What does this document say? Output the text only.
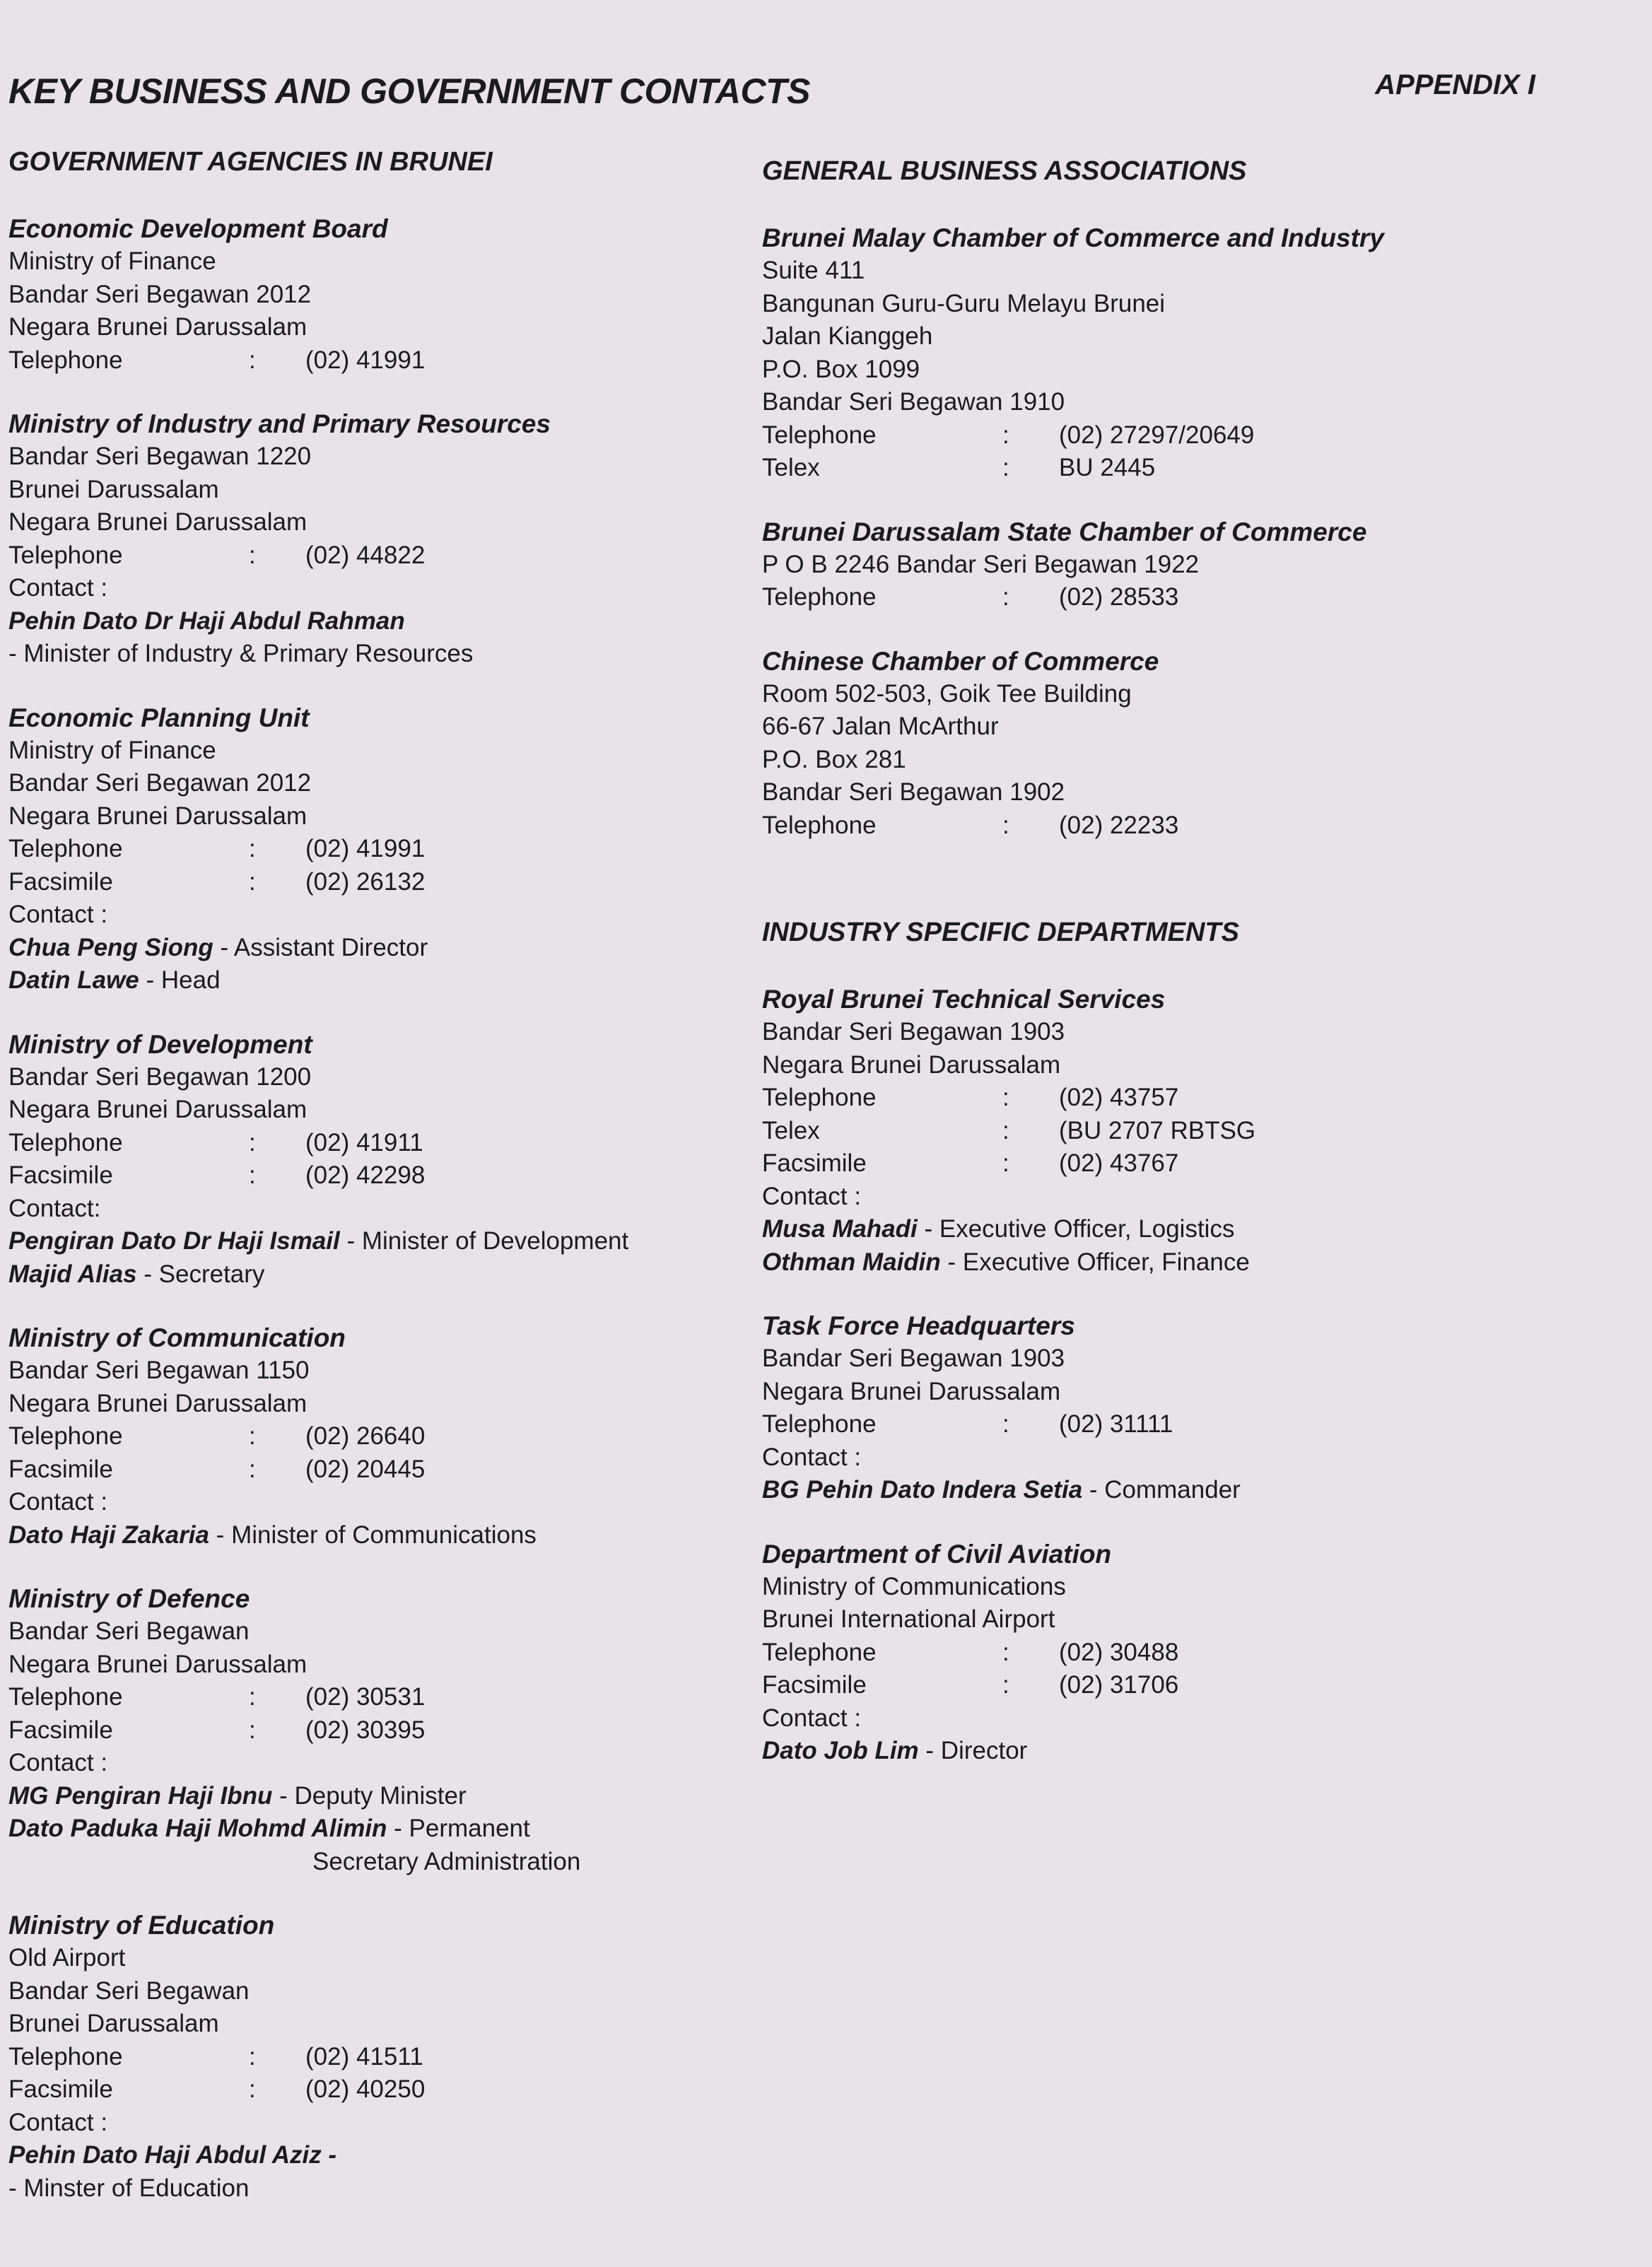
KEY BUSINESS AND GOVERNMENT CONTACTS	APPENDIX I
GOVERNMENT AGENCIES IN BRUNEI
Economic Development Board
Ministry of Finance
Bandar Seri Begawan 2012
Negara Brunei Darussalam
Telephone	:	(02) 41991
Ministry of Industry and Primary Resources
Bandar Seri Begawan 1220
Brunei Darussalam
Negara Brunei Darussalam
Telephone	:	(02) 44822
Contact :
Pehin Dato Dr Haji Abdul Rahman
- Minister of Industry & Primary Resources
Economic Planning Unit
Ministry of Finance
Bandar Seri Begawan 2012
Negara Brunei Darussalam
Telephone	:	(02) 41991
Facsimile	:	(02) 26132
Contact :
Chua Peng Siong - Assistant Director
Datin Lawe - Head
Ministry of Development
Bandar Seri Begawan 1200
Negara Brunei Darussalam
Telephone	:	(02) 41911
Facsimile	:	(02) 42298
Contact:
Pengiran Dato Dr Haji Ismail - Minister of Development
Majid Alias - Secretary
Ministry of Communication
Bandar Seri Begawan 1150
Negara Brunei Darussalam
Telephone	:	(02) 26640
Facsimile	:	(02) 20445
Contact :
Dato Haji Zakaria - Minister of Communications
Ministry of Defence
Bandar Seri Begawan
Negara Brunei Darussalam
Telephone	:	(02) 30531
Facsimile	:	(02) 30395
Contact :
MG Pengiran Haji Ibnu - Deputy Minister
Dato Paduka Haji Mohmd Alimin - Permanent
Secretary Administration
Ministry of Education
Old Airport
Bandar Seri Begawan
Brunei Darussalam
Telephone	:	(02) 41511
Facsimile	:	(02) 40250
Contact :
Pehin Dato Haji Abdul Aziz -
- Minster of Education
GENERAL BUSINESS ASSOCIATIONS
Brunei Malay Chamber of Commerce and Industry
Suite 411
Bangunan Guru-Guru Melayu Brunei
Jalan Kianggeh
P.O. Box 1099
Bandar Seri Begawan 1910
Telephone	:	(02) 27297/20649
Telex	:	BU 2445
Brunei Darussalam State Chamber of Commerce
P O B 2246 Bandar Seri Begawan 1922
Telephone	:	(02) 28533
Chinese Chamber of Commerce
Room 502-503, Goik Tee Building
66-67 Jalan McArthur
P.O. Box 281
Bandar Seri Begawan 1902
Telephone	:	(02) 22233
INDUSTRY SPECIFIC DEPARTMENTS
Royal Brunei Technical Services
Bandar Seri Begawan 1903
Negara Brunei Darussalam
Telephone	:	(02) 43757
Telex	:	(BU 2707 RBTSG
Facsimile	:	(02) 43767
Contact :
Musa Mahadi - Executive Officer, Logistics
Othman Maidin - Executive Officer, Finance
Task Force Headquarters
Bandar Seri Begawan 1903
Negara Brunei Darussalam
Telephone	:	(02) 31111
Contact :
BG Pehin Dato Indera Setia - Commander
Department of Civil Aviation
Ministry of Communications
Brunei International Airport
Telephone	:	(02) 30488
Facsimile	:	(02) 31706
Contact :
Dato Job Lim - Director
